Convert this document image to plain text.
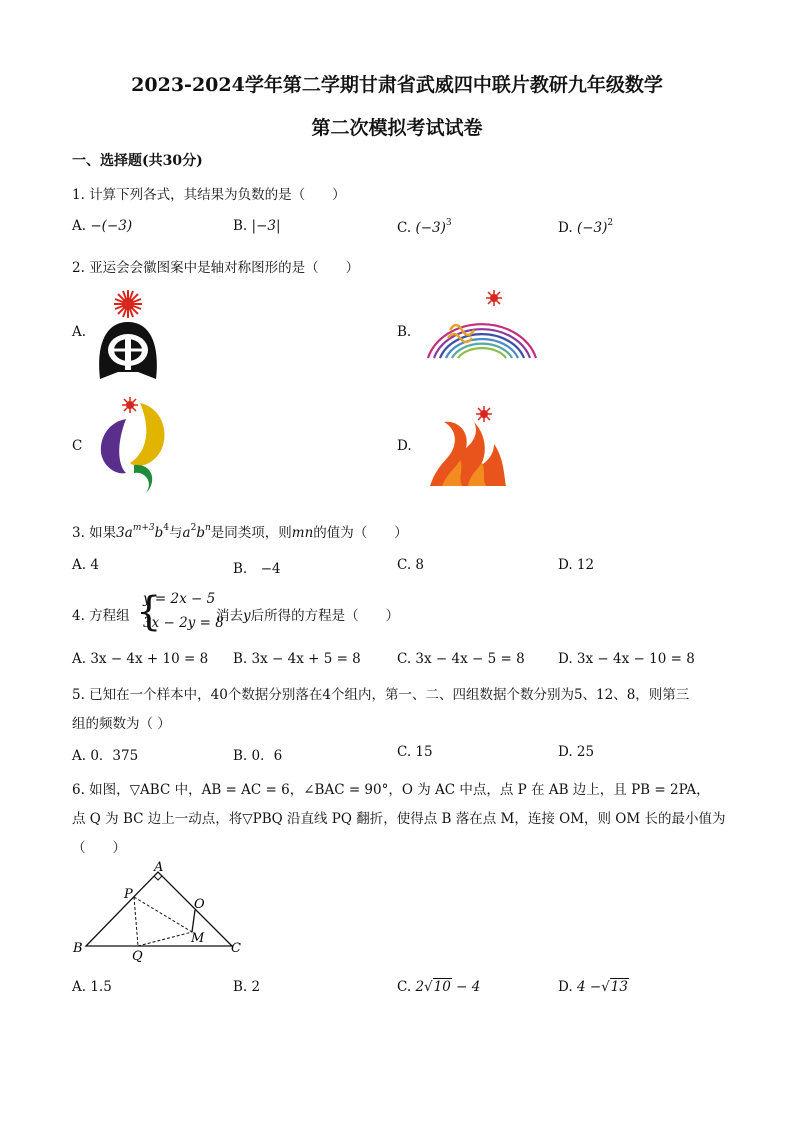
2023-2024学年第二学期甘肃省武威四中联片教研九年级数学
第二次模拟考试试卷
一、选择题(共30分)
1. 计算下列各式，其结果为负数的是（　　）
A. −(−3)	B. |−3|	C. $(-3)^3$	D. $(-3)^2$
2. 亚运会会徽图案中是轴对称图形的是（　　）
A.	B.
C	D.
3. 如果$3a^{m+3}b^4$与$a^2b^n$是同类项，则mn的值为（　　）
A. 4	B.　−4	C. 8	D. 12
4. 方程组 {
y = 2x − 5
3x − 2y = 8
消去y后所得的方程是（　　）
A. 3x − 4x + 10 = 8 B. 3x − 4x + 5 = 8	C. 3x − 4x − 5 = 8 D. 3x − 4x − 10 = 8
5. 已知在一个样本中，40个数据分别落在4个组内，第一、二、四组数据个数分别为5、12、8，则第三
组的频数为（ ）
A. 0．375	B. 0．6	C. 15	D. 25
6. 如图，▽ABC 中，AB = AC = 6，∠BAC = 90°，O 为 AC 中点，点 P 在 AB 边上，且 PB = 2PA，
点 Q 为 BC 边上一动点，将▽PBQ 沿直线 PQ 翻折，使得点 B 落在点 M，连接 OM，则 OM 长的最小值为
（　　）
A
B	C
P
O
M
Q
A. 1.5	B. 2	C. 2√10 − 4	D. 4 −√13
